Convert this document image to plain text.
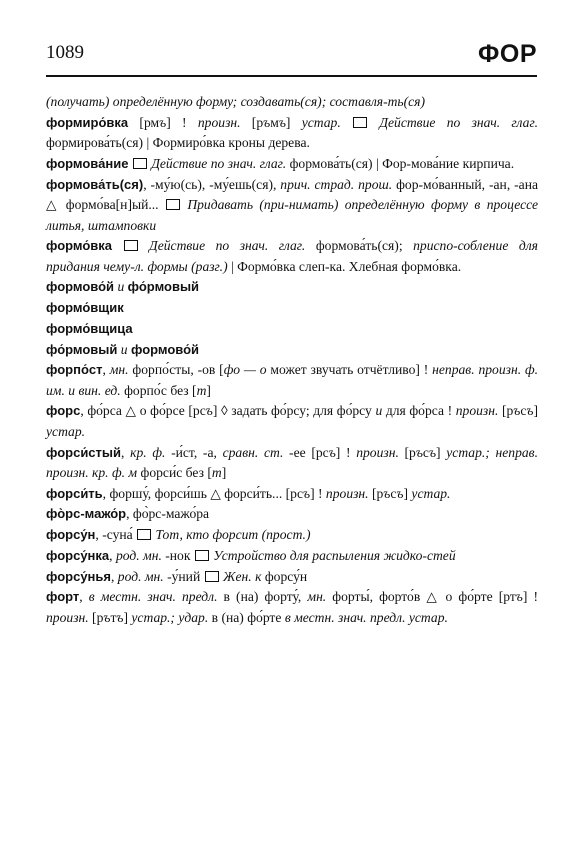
1089	ФОР

(получать) определённую форму; создавать(ся); составля-ть(ся)

формиро́вка [рмъ] ! произн. [ръмъ] устар.  Действие по знач. глаг. формирова́ть(ся) | Формиро́вка кроны дерева.

формова́ние  Действие по знач. глаг. формова́ть(ся) | Фор-мова́ние кирпича.

формова́ть(ся), -му́ю(сь), -му́ешь(ся), прич. страд. прош. фор-мо́ванный, -ан, -ана △ формо́ва[н]ый...  Придавать (при-нимать) определённую форму в процессе литья, штамповки

формо́вка  Действие по знач. глаг. формова́ть(ся); приспо-собление для придания чему-л. формы (разг.) | Формо́вка слеп-ка. Хлебная формо́вка.

формово́й и фо́рмовый

формо́вщик

формо́вщица

фо́рмовый и формово́й

форпо́ст, мн. форпо́сты, -ов [фо — о может звучать отчётливо] ! неправ. произн. ф. им. и вин. ед. форпо́с без [т]

форс, фо́рса △ о фо́рсе [рсъ] ◊ задать фо́рсу; для фо́рсу и для фо́рса ! произн. [ръсъ] устар.

форси́стый, кр. ф. -и́ст, -а, сравн. ст. -ее [рсъ] ! произн. [ръсъ] устар.; неправ. произн. кр. ф. м форси́с без [т]

форси́ть, форшу́, форси́шь △ форси́ть... [рсъ] ! произн. [ръсъ] устар.

фо̀рс-мажо́р, фо̀рс-мажо́ра

форсу́н, -суна́  Тот, кто форсит (прост.)

форсу́нка, род. мн. -нок  Устройство для распыления жидко-стей

форсу́нья, род. мн. -у́ний  Жен. к форсу́н

форт, в местн. знач. предл. в (на) форту́, мн. форты́, форто́в △ о фо́рте [ртъ] ! произн. [рътъ] устар.; удар. в (на) фо́рте в местн. знач. предл. устар.
